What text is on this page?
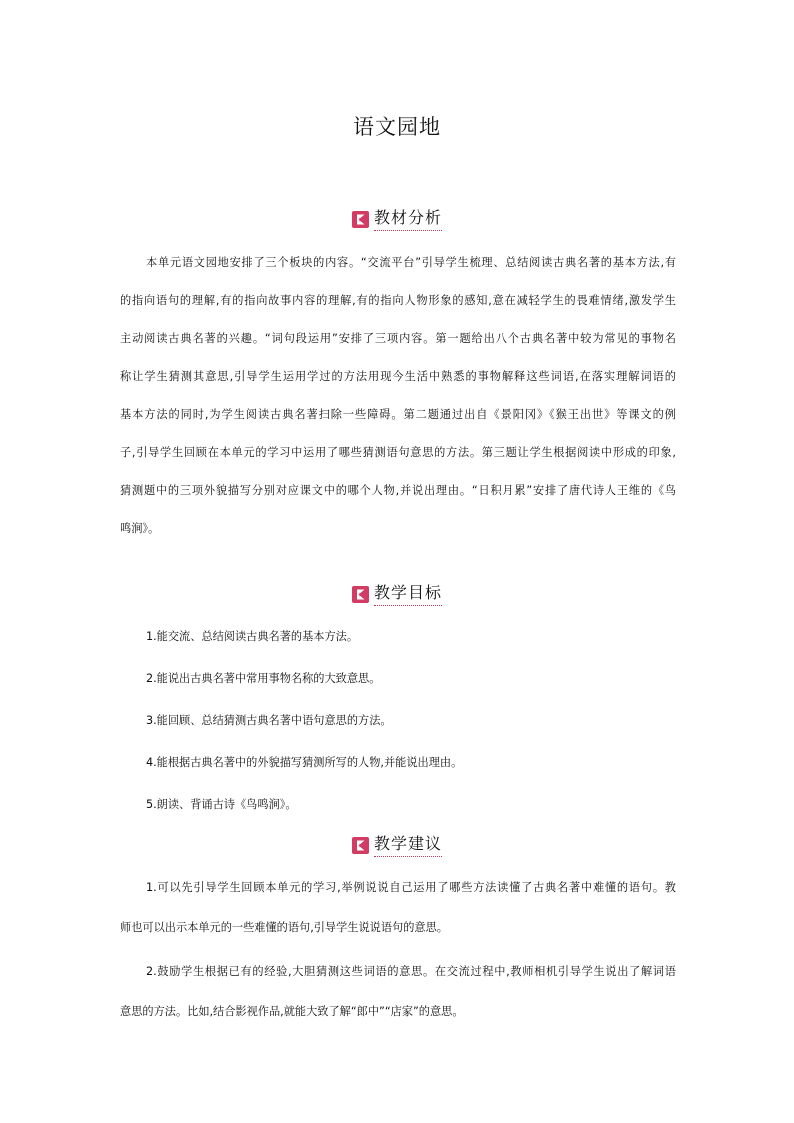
语文园地
教材分析
本单元语文园地安排了三个板块的内容。“交流平台”引导学生梳理、总结阅读古典名著的基本方法,有
的指向语句的理解,有的指向故事内容的理解,有的指向人物形象的感知,意在减轻学生的畏难情绪,激发学生
主动阅读古典名著的兴趣。“词句段运用”安排了三项内容。第一题给出八个古典名著中较为常见的事物名
称让学生猜测其意思,引导学生运用学过的方法用现今生活中熟悉的事物解释这些词语,在落实理解词语的
基本方法的同时,为学生阅读古典名著扫除一些障碍。第二题通过出自《景阳冈》《猴王出世》等课文的例
子,引导学生回顾在本单元的学习中运用了哪些猜测语句意思的方法。第三题让学生根据阅读中形成的印象,
猜测题中的三项外貌描写分别对应课文中的哪个人物,并说出理由。“日积月累”安排了唐代诗人王维的《鸟
鸣涧》。
教学目标
1.能交流、总结阅读古典名著的基本方法。
2.能说出古典名著中常用事物名称的大致意思。
3.能回顾、总结猜测古典名著中语句意思的方法。
4.能根据古典名著中的外貌描写猜测所写的人物,并能说出理由。
5.朗读、背诵古诗《鸟鸣涧》。
教学建议
1.可以先引导学生回顾本单元的学习,举例说说自己运用了哪些方法读懂了古典名著中难懂的语句。教
师也可以出示本单元的一些难懂的语句,引导学生说说语句的意思。
2.鼓励学生根据已有的经验,大胆猜测这些词语的意思。在交流过程中,教师相机引导学生说出了解词语
意思的方法。比如,结合影视作品,就能大致了解“郎中”“店家”的意思。
